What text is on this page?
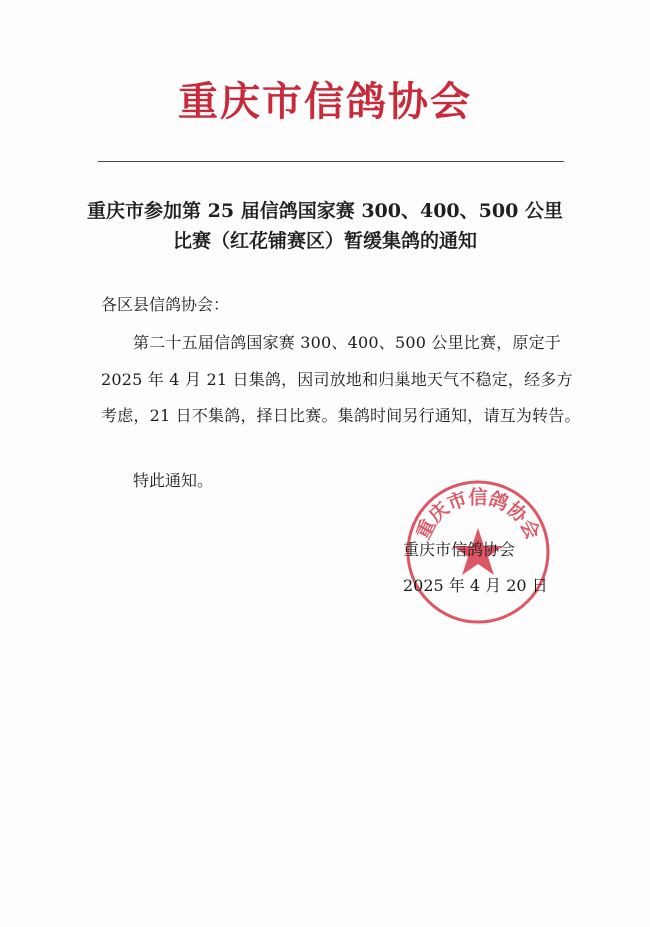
重庆市信鸽协会
重庆市参加第 25 届信鸽国家赛 300、400、500 公里
比赛（红花铺赛区）暂缓集鸽的通知
各区县信鸽协会：
第二十五届信鸽国家赛 300、400、500 公里比赛，原定于 2025 年 4 月 21 日集鸽，因司放地和归巢地天气不稳定，经多方考虑，21 日不集鸽，择日比赛。集鸽时间另行通知，请互为转告。
特此通知。
重庆市信鸽协会
重庆市信鸽协会
2025 年 4 月 20 日
